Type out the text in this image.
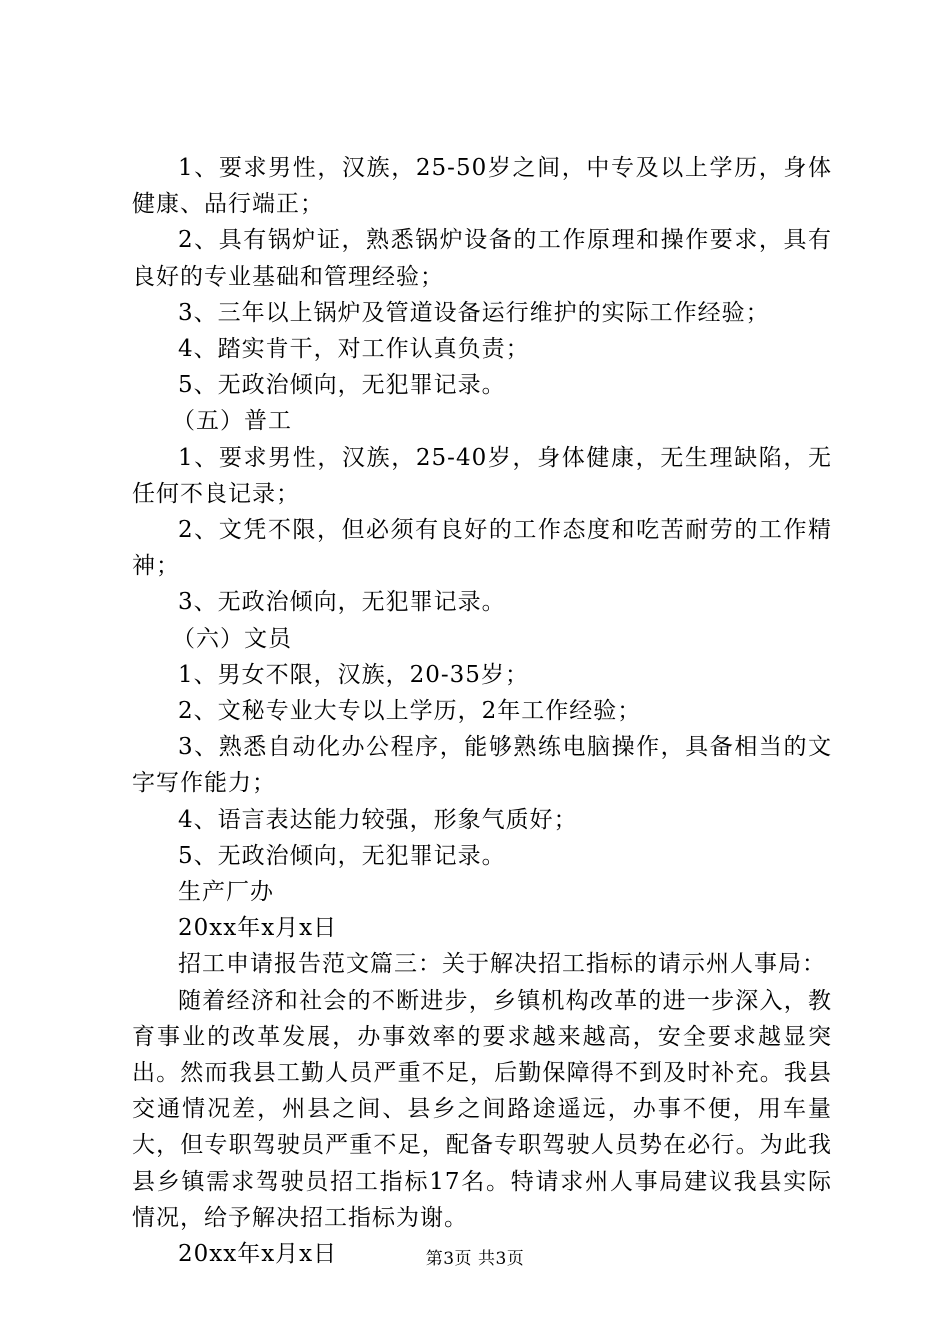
1、要求男性，汉族，25-50岁之间，中专及以上学历，身体健康、品行端正；

2、具有锅炉证，熟悉锅炉设备的工作原理和操作要求，具有良好的专业基础和管理经验；

3、三年以上锅炉及管道设备运行维护的实际工作经验；

4、踏实肯干，对工作认真负责；

5、无政治倾向，无犯罪记录。

（五）普工

1、要求男性，汉族，25-40岁，身体健康，无生理缺陷，无任何不良记录；

2、文凭不限，但必须有良好的工作态度和吃苦耐劳的工作精神；

3、无政治倾向，无犯罪记录。

（六）文员

1、男女不限，汉族，20-35岁；

2、文秘专业大专以上学历，2年工作经验；

3、熟悉自动化办公程序，能够熟练电脑操作，具备相当的文字写作能力；

4、语言表达能力较强，形象气质好；

5、无政治倾向，无犯罪记录。

生产厂办

20xx年x月x日

招工申请报告范文篇三：关于解决招工指标的请示州人事局：

随着经济和社会的不断进步，乡镇机构改革的进一步深入，教育事业的改革发展，办事效率的要求越来越高，安全要求越显突出。然而我县工勤人员严重不足，后勤保障得不到及时补充。我县交通情况差，州县之间、县乡之间路途遥远，办事不便，用车量大，但专职驾驶员严重不足，配备专职驾驶人员势在必行。为此我县乡镇需求驾驶员招工指标17名。特请求州人事局建议我县实际情况，给予解决招工指标为谢。

20xx年x月x日	第3页 共3页
